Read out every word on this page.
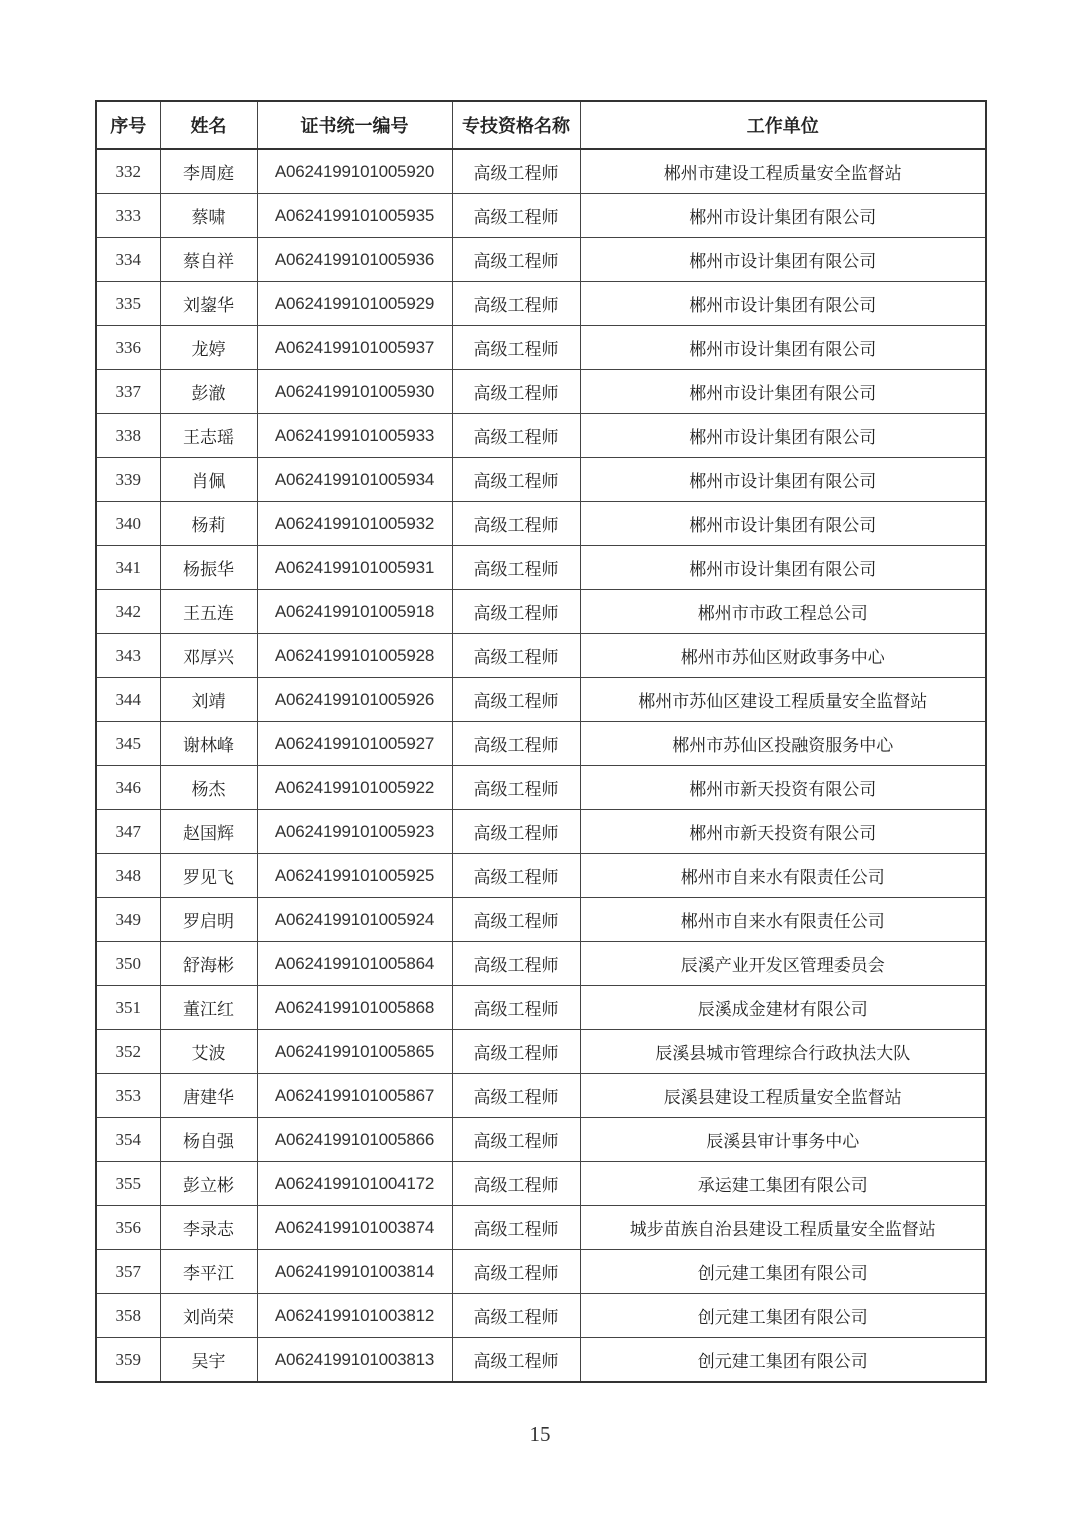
序号	姓名	证书统一编号	专技资格名称	工作单位
332	李周庭	A0624199101005920	高级工程师	郴州市建设工程质量安全监督站
333	蔡啸	A0624199101005935	高级工程师	郴州市设计集团有限公司
334	蔡自祥	A0624199101005936	高级工程师	郴州市设计集团有限公司
335	刘鋆华	A0624199101005929	高级工程师	郴州市设计集团有限公司
336	龙婷	A0624199101005937	高级工程师	郴州市设计集团有限公司
337	彭澈	A0624199101005930	高级工程师	郴州市设计集团有限公司
338	王志瑶	A0624199101005933	高级工程师	郴州市设计集团有限公司
339	肖佩	A0624199101005934	高级工程师	郴州市设计集团有限公司
340	杨莉	A0624199101005932	高级工程师	郴州市设计集团有限公司
341	杨振华	A0624199101005931	高级工程师	郴州市设计集团有限公司
342	王五连	A0624199101005918	高级工程师	郴州市市政工程总公司
343	邓厚兴	A0624199101005928	高级工程师	郴州市苏仙区财政事务中心
344	刘靖	A0624199101005926	高级工程师	郴州市苏仙区建设工程质量安全监督站
345	谢林峰	A0624199101005927	高级工程师	郴州市苏仙区投融资服务中心
346	杨杰	A0624199101005922	高级工程师	郴州市新天投资有限公司
347	赵国辉	A0624199101005923	高级工程师	郴州市新天投资有限公司
348	罗见飞	A0624199101005925	高级工程师	郴州市自来水有限责任公司
349	罗启明	A0624199101005924	高级工程师	郴州市自来水有限责任公司
350	舒海彬	A0624199101005864	高级工程师	辰溪产业开发区管理委员会
351	董江红	A0624199101005868	高级工程师	辰溪成金建材有限公司
352	艾波	A0624199101005865	高级工程师	辰溪县城市管理综合行政执法大队
353	唐建华	A0624199101005867	高级工程师	辰溪县建设工程质量安全监督站
354	杨自强	A0624199101005866	高级工程师	辰溪县审计事务中心
355	彭立彬	A0624199101004172	高级工程师	承运建工集团有限公司
356	李录志	A0624199101003874	高级工程师	城步苗族自治县建设工程质量安全监督站
357	李平江	A0624199101003814	高级工程师	创元建工集团有限公司
358	刘尚荣	A0624199101003812	高级工程师	创元建工集团有限公司
359	吴宇	A0624199101003813	高级工程师	创元建工集团有限公司
15
